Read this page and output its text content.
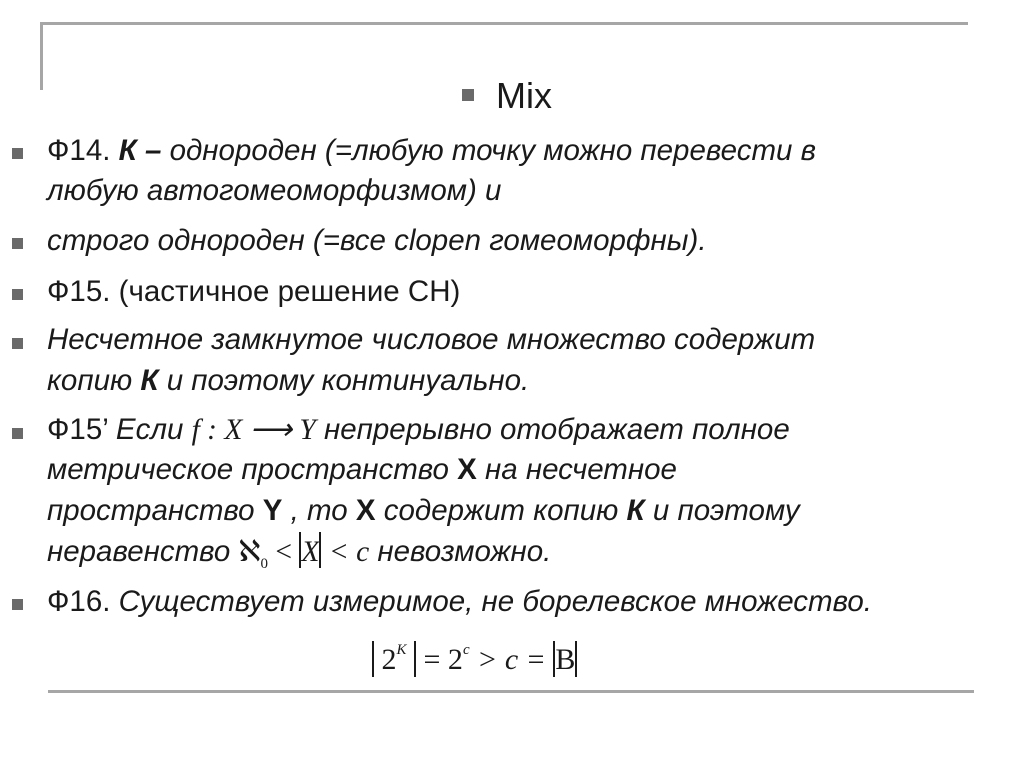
Mix
Ф14. К – однороден (=любую точку можно перевести в
любую автогомеоморфизмом) и
строго однороден (=все clopen гомеоморфны).
Ф15. (частичное решение СН)
Несчетное замкнутое числовое множество содержит
копию К и поэтому континуально.
Ф15’ Если f : X ⟶ Y непрерывно отображает полное
метрическое пространство Х на несчетное
пространство Y , то Х содержит копию К и поэтому
неравенство ℵ$_0$ < X < c невозможно.
Ф16. Существует измеримое, не борелевское множество.
$2^K = 2^c > c = B$
